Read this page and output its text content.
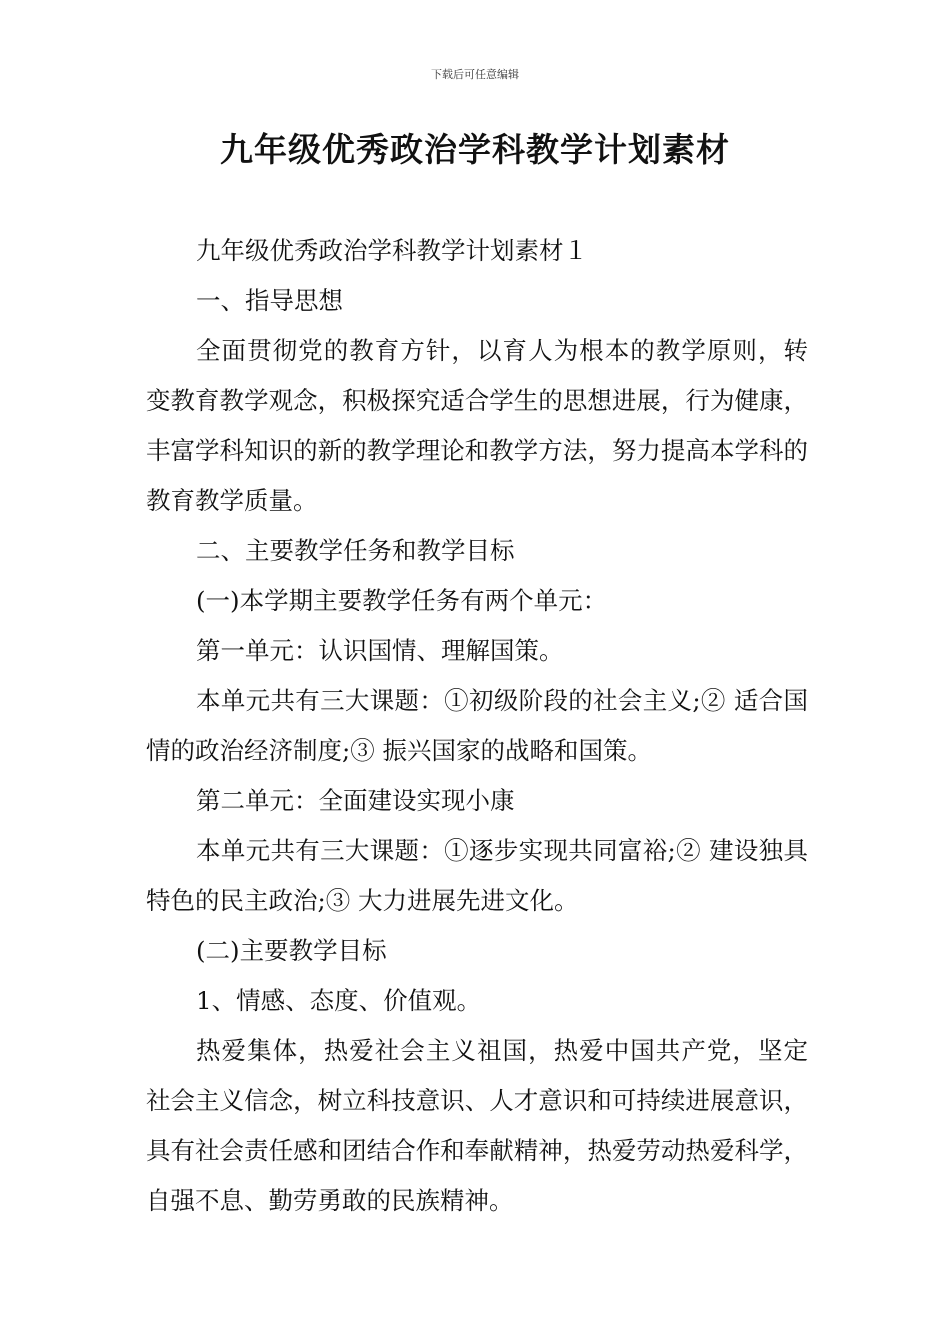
下载后可任意编辑
九年级优秀政治学科教学计划素材

九年级优秀政治学科教学计划素材１

一、指导思想

全面贯彻党的教育方针，以育人为根本的教学原则，转变教育教学观念，积极探究适合学生的思想进展，行为健康，丰富学科知识的新的教学理论和教学方法，努力提高本学科的教育教学质量。

二、主要教学任务和教学目标

(一)本学期主要教学任务有两个单元：

第一单元：认识国情、理解国策。

本单元共有三大课题：①初级阶段的社会主义;② 适合国情的政治经济制度;③ 振兴国家的战略和国策。

第二单元：全面建设实现小康

本单元共有三大课题：①逐步实现共同富裕;② 建设独具特色的民主政治;③ 大力进展先进文化。

(二)主要教学目标

1、情感、态度、价值观。

热爱集体，热爱社会主义祖国，热爱中国共产党，坚定社会主义信念，树立科技意识、人才意识和可持续进展意识，具有社会责任感和团结合作和奉献精神，热爱劳动热爱科学，自强不息、勤劳勇敢的民族精神。
